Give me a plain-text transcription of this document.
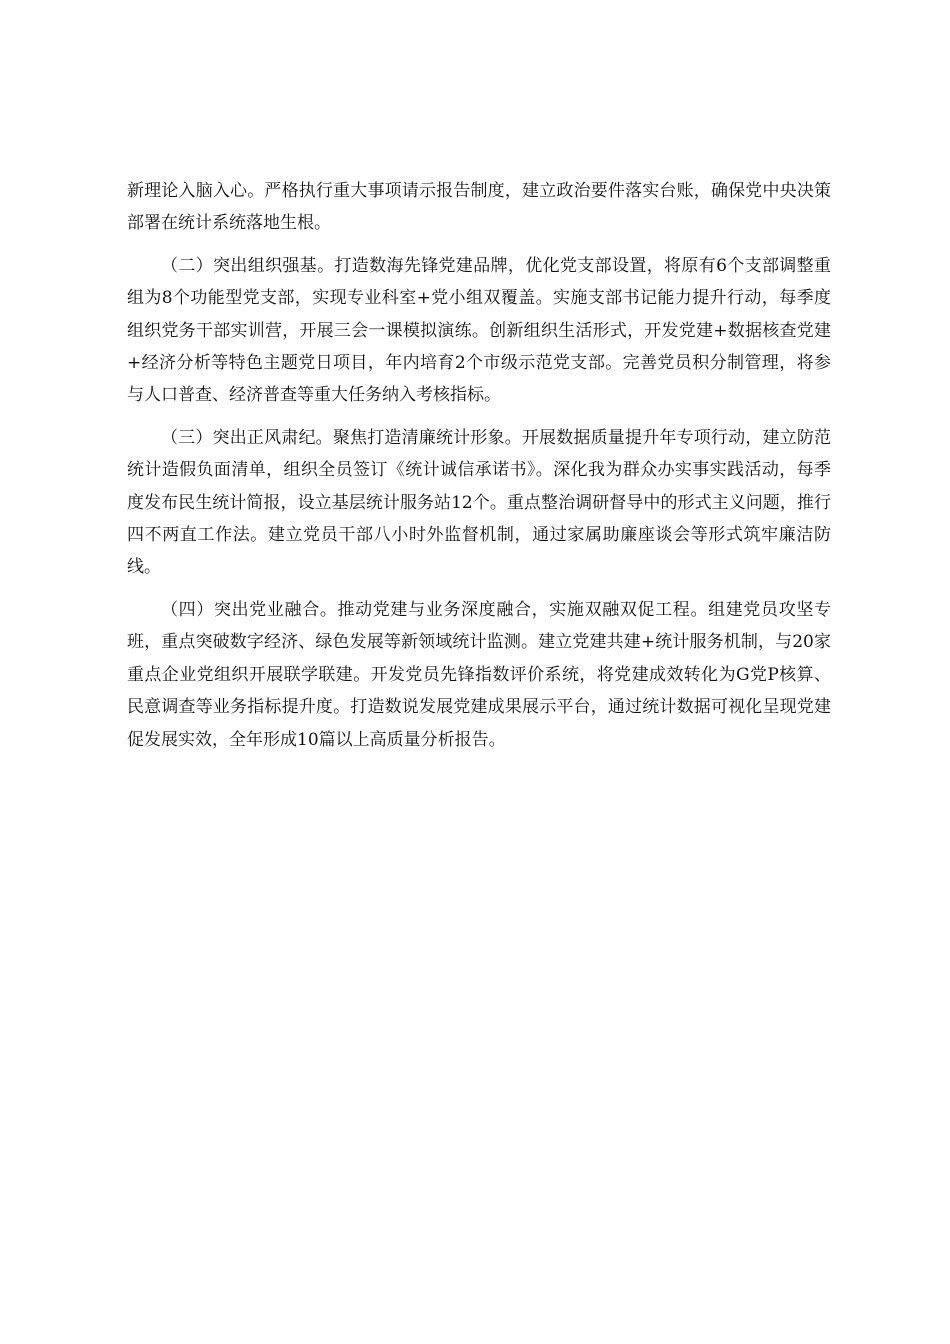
新理论入脑入心。严格执行重大事项请示报告制度，建立政治要件落实台账，确保党中央决策部署在统计系统落地生根。

（二）突出组织强基。打造数海先锋党建品牌，优化党支部设置，将原有6个支部调整重组为8个功能型党支部，实现专业科室+党小组双覆盖。实施支部书记能力提升行动，每季度组织党务干部实训营，开展三会一课模拟演练。创新组织生活形式，开发党建+数据核查党建+经济分析等特色主题党日项目，年内培育2个市级示范党支部。完善党员积分制管理，将参与人口普查、经济普查等重大任务纳入考核指标。

（三）突出正风肃纪。聚焦打造清廉统计形象。开展数据质量提升年专项行动，建立防范统计造假负面清单，组织全员签订《统计诚信承诺书》。深化我为群众办实事实践活动，每季度发布民生统计简报，设立基层统计服务站12个。重点整治调研督导中的形式主义问题，推行四不两直工作法。建立党员干部八小时外监督机制，通过家属助廉座谈会等形式筑牢廉洁防线。

（四）突出党业融合。推动党建与业务深度融合，实施双融双促工程。组建党员攻坚专班，重点突破数字经济、绿色发展等新领域统计监测。建立党建共建+统计服务机制，与20家重点企业党组织开展联学联建。开发党员先锋指数评价系统，将党建成效转化为G党P核算、民意调查等业务指标提升度。打造数说发展党建成果展示平台，通过统计数据可视化呈现党建促发展实效，全年形成10篇以上高质量分析报告。
